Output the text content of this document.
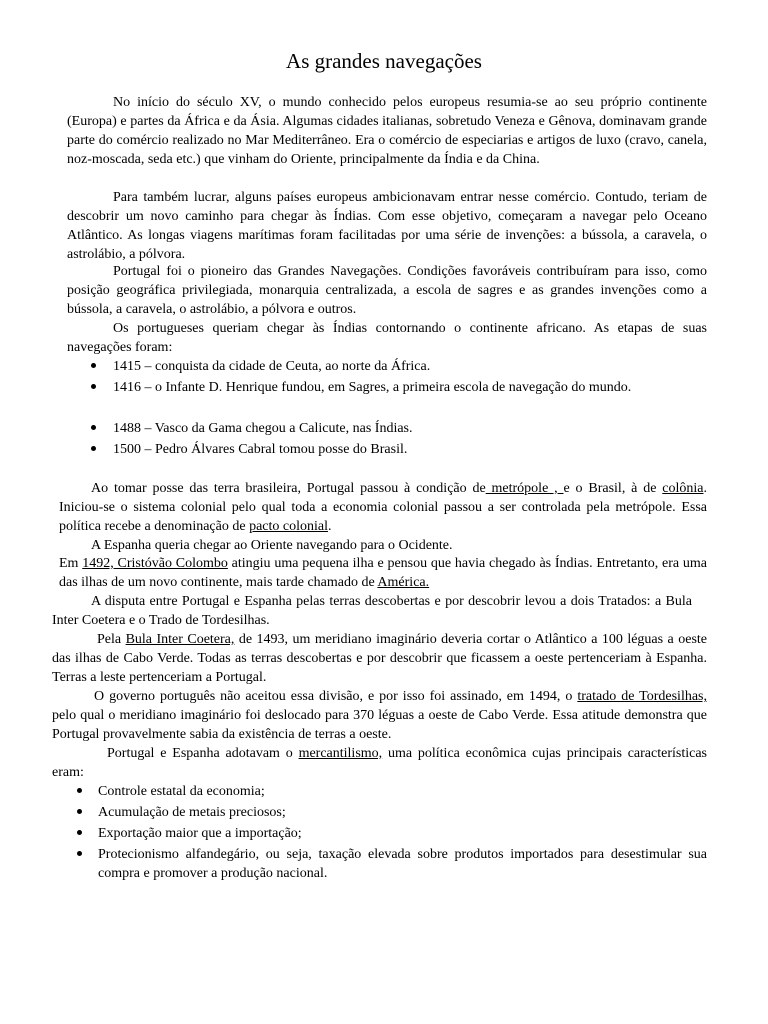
As grandes navegações
No início do século XV, o mundo conhecido pelos europeus resumia-se ao seu próprio continente (Europa) e partes da África e da Ásia. Algumas cidades italianas, sobretudo Veneza e Gênova, dominavam grande parte do comércio realizado no Mar Mediterrâneo. Era o comércio de especiarias e artigos de luxo (cravo, canela, noz-moscada, seda etc.) que vinham do Oriente, principalmente da Índia e da China.
Para também lucrar, alguns países europeus ambicionavam entrar nesse comércio. Contudo, teriam de descobrir um novo caminho para chegar às Índias. Com esse objetivo, começaram a navegar pelo Oceano Atlântico. As longas viagens marítimas foram facilitadas por uma série de invenções: a bússola, a caravela, o astrolábio, a pólvora.
Portugal foi o pioneiro das Grandes Navegações. Condições favoráveis contribuíram para isso, como posição geográfica privilegiada, monarquia centralizada, a escola de sagres e as grandes invenções como a bússola, a caravela, o astrolábio, a pólvora e outros.
Os portugueses queriam chegar às Índias contornando o continente africano. As etapas de suas navegações foram:
1415 – conquista da cidade de Ceuta, ao norte da África.
1416 – o Infante D. Henrique fundou, em Sagres, a primeira escola de navegação do mundo.
1488 – Vasco da Gama chegou a Calicute, nas Índias.
1500 – Pedro Álvares Cabral tomou posse do Brasil.
Ao tomar posse das terra brasileira, Portugal passou à condição de metrópole , e o Brasil, à de colônia. Iniciou-se o sistema colonial pelo qual toda a economia colonial passou a ser controlada pela metrópole. Essa política recebe a denominação de pacto colonial.
A Espanha queria chegar ao Oriente navegando para o Ocidente.
Em 1492, Cristóvão Colombo atingiu uma pequena ilha e pensou que havia chegado às Índias. Entretanto, era uma das ilhas de um novo continente, mais tarde chamado de América.
A disputa entre Portugal e Espanha pelas terras descobertas e por descobrir levou a dois Tratados: a Bula Inter Coetera e o Trado de Tordesilhas.
Pela Bula Inter Coetera, de 1493, um meridiano imaginário deveria cortar o Atlântico a 100 léguas a oeste das ilhas de Cabo Verde. Todas as terras descobertas e por descobrir que ficassem a oeste pertenceriam à Espanha. Terras a leste pertenceriam a Portugal.
O governo português não aceitou essa divisão, e por isso foi assinado, em 1494, o tratado de Tordesilhas, pelo qual o meridiano imaginário foi deslocado para 370 léguas a oeste de Cabo Verde. Essa atitude demonstra que Portugal provavelmente sabia da existência de terras a oeste.
Portugal e Espanha adotavam o mercantilismo, uma política econômica cujas principais características eram:
Controle estatal da economia;
Acumulação de metais preciosos;
Exportação maior que a importação;
Protecionismo alfandegário, ou seja, taxação elevada sobre produtos importados para desestimular sua compra e promover a produção nacional.
